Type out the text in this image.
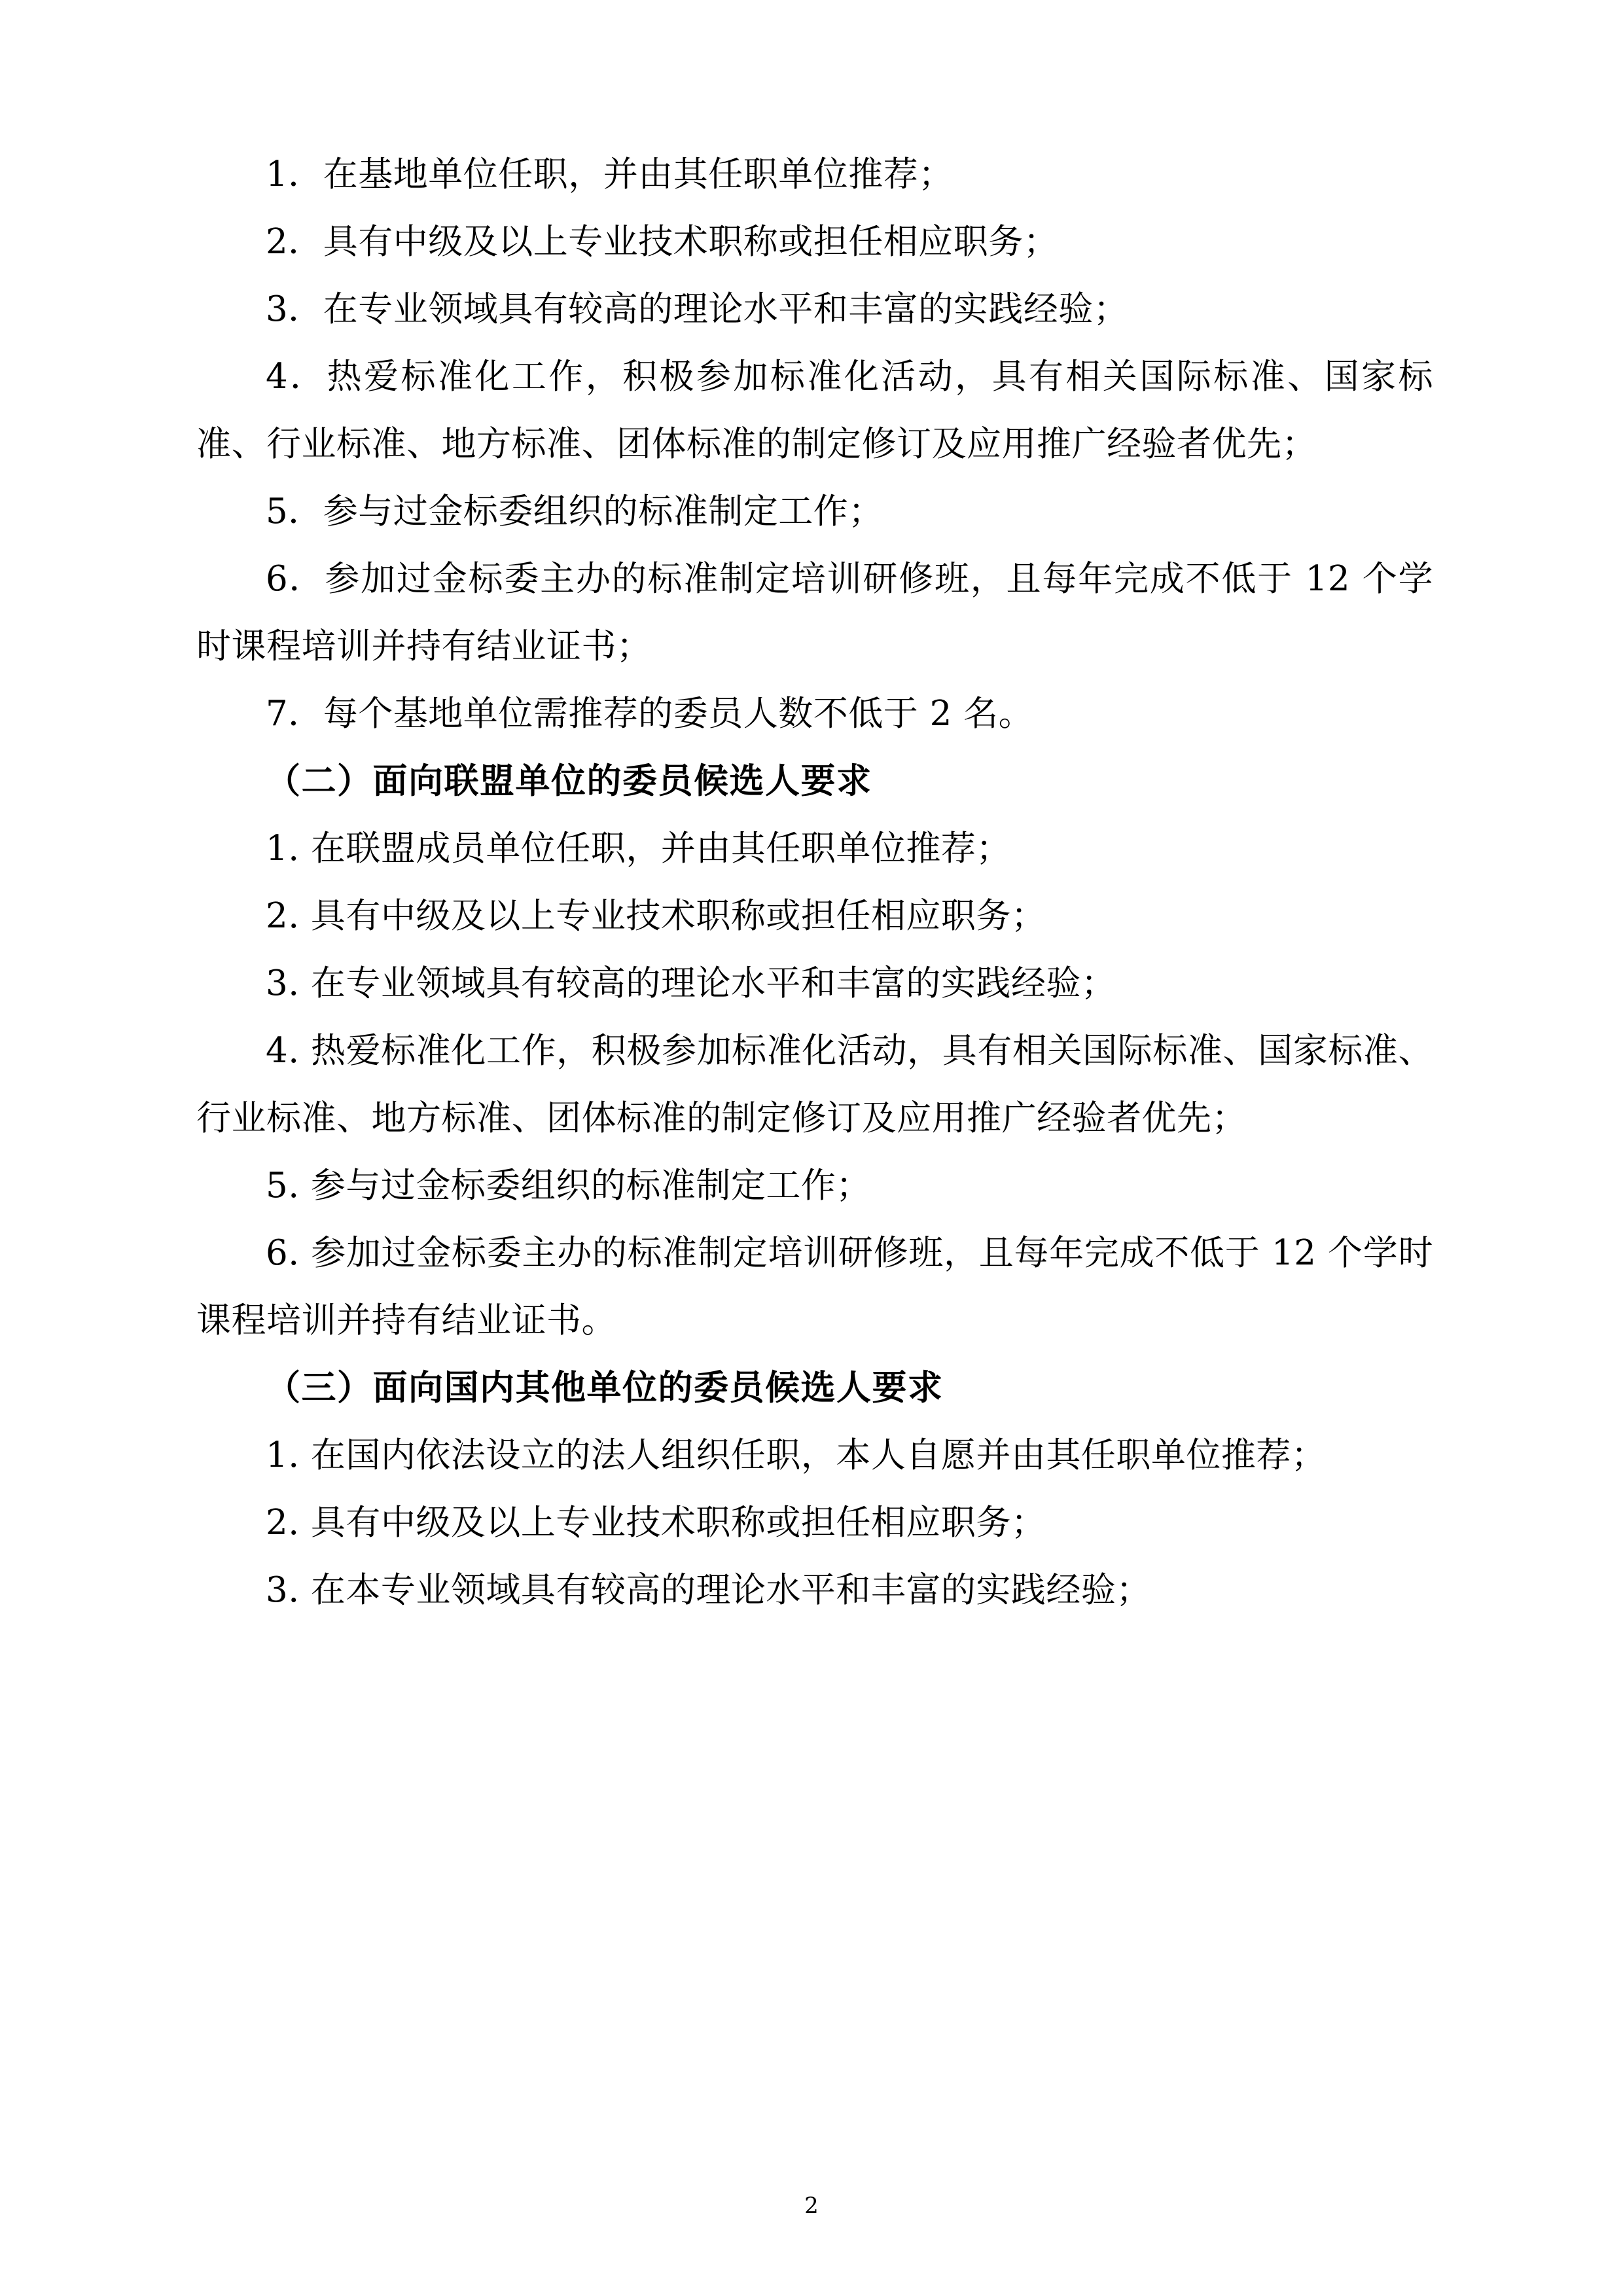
1．在基地单位任职，并由其任职单位推荐；

2．具有中级及以上专业技术职称或担任相应职务；

3．在专业领域具有较高的理论水平和丰富的实践经验；

4．热爱标准化工作，积极参加标准化活动，具有相关国际标准、国家标准、行业标准、地方标准、团体标准的制定修订及应用推广经验者优先；

5．参与过金标委组织的标准制定工作；

6．参加过金标委主办的标准制定培训研修班，且每年完成不低于 12 个学时课程培训并持有结业证书；

7．每个基地单位需推荐的委员人数不低于 2 名。

（二）面向联盟单位的委员候选人要求

1. 在联盟成员单位任职，并由其任职单位推荐；

2. 具有中级及以上专业技术职称或担任相应职务；

3. 在专业领域具有较高的理论水平和丰富的实践经验；

4. 热爱标准化工作，积极参加标准化活动，具有相关国际标准、国家标准、行业标准、地方标准、团体标准的制定修订及应用推广经验者优先；

5. 参与过金标委组织的标准制定工作；

6. 参加过金标委主办的标准制定培训研修班，且每年完成不低于 12 个学时课程培训并持有结业证书。

（三）面向国内其他单位的委员候选人要求

1. 在国内依法设立的法人组织任职，本人自愿并由其任职单位推荐；

2. 具有中级及以上专业技术职称或担任相应职务；

3. 在本专业领域具有较高的理论水平和丰富的实践经验；

2
